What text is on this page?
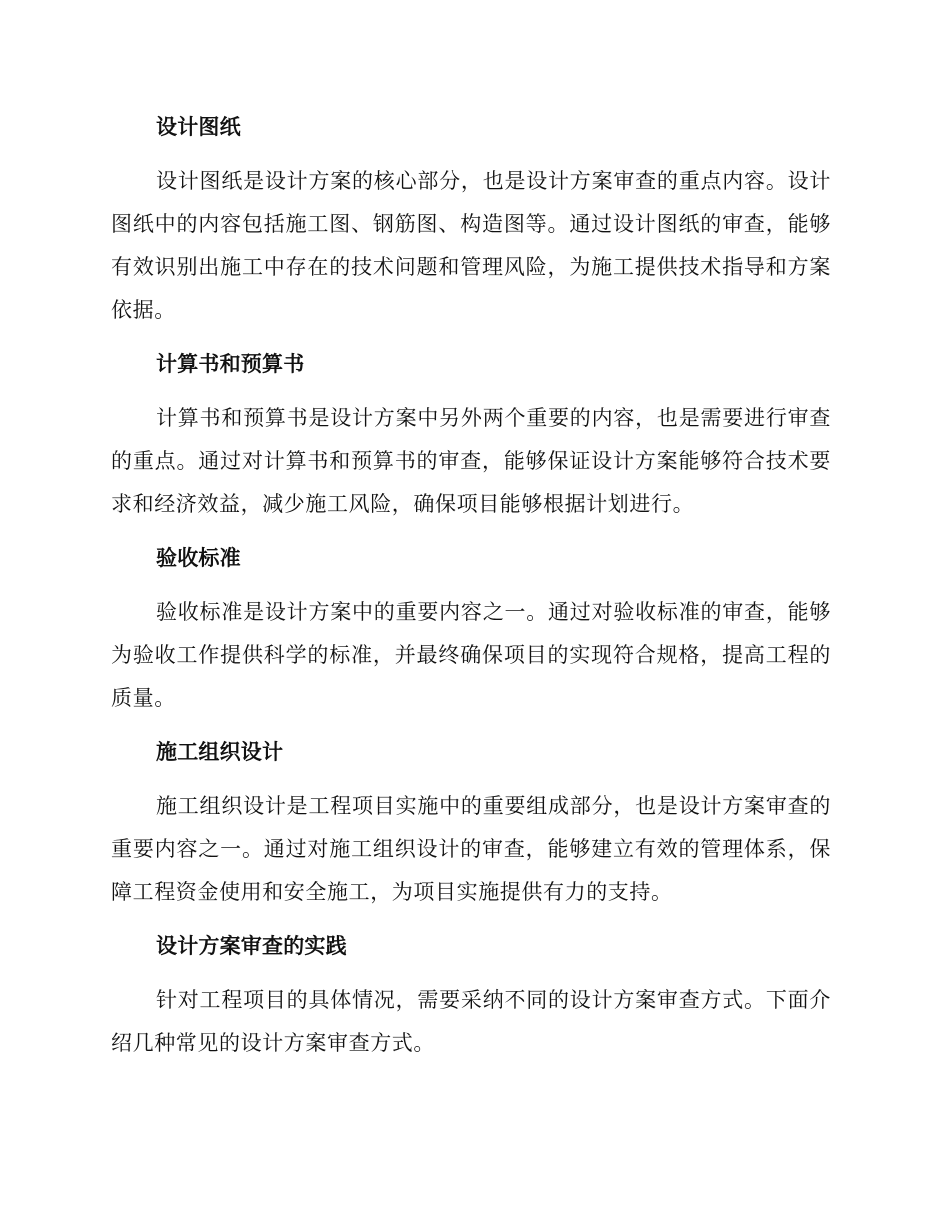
设计图纸

设计图纸是设计方案的核心部分，也是设计方案审查的重点内容。设计图纸中的内容包括施工图、钢筋图、构造图等。通过设计图纸的审查，能够有效识别出施工中存在的技术问题和管理风险，为施工提供技术指导和方案依据。

计算书和预算书

计算书和预算书是设计方案中另外两个重要的内容，也是需要进行审查的重点。通过对计算书和预算书的审查，能够保证设计方案能够符合技术要求和经济效益，减少施工风险，确保项目能够根据计划进行。

验收标准

验收标准是设计方案中的重要内容之一。通过对验收标准的审查，能够为验收工作提供科学的标准，并最终确保项目的实现符合规格，提高工程的质量。

施工组织设计

施工组织设计是工程项目实施中的重要组成部分，也是设计方案审查的重要内容之一。通过对施工组织设计的审查，能够建立有效的管理体系，保障工程资金使用和安全施工，为项目实施提供有力的支持。

设计方案审查的实践

针对工程项目的具体情况，需要采纳不同的设计方案审查方式。下面介绍几种常见的设计方案审查方式。
